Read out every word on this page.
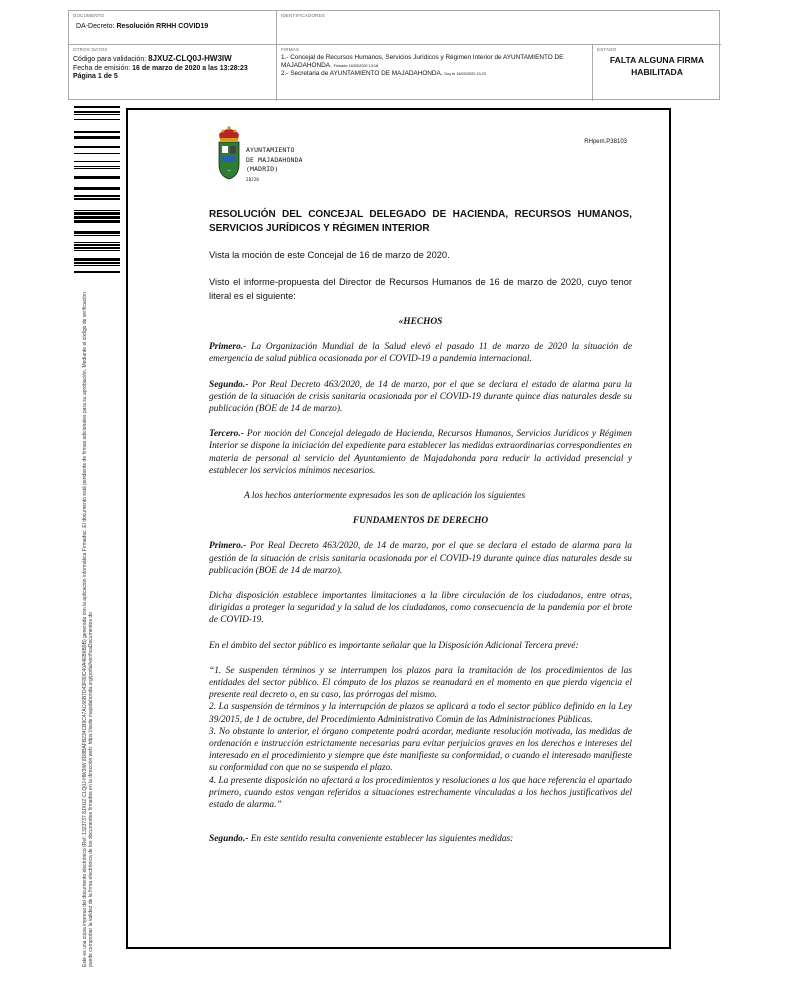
DOCUMENTO
DA-Decreto: Resolución RRHH COVID19
IDENTIFICADORES
OTROS DATOS
Código para validación: 8JXUZ-CLQ0J-HW3IW
Fecha de emisión: 16 de marzo de 2020 a las 13:28:23
Página 1 de 5
FIRMAS
1.- Concejal de Recursos Humanos, Servicios Jurídicos y Régimen Interior de AYUNTAMIENTO DE MAJADAHONDA. Firmado 16/03/2020 13:18
2.- Secretaria de AYUNTAMIENTO DE MAJADAHONDA. Doy fe 16/03/2020 13:23
ESTADO
FALTA ALGUNA FIRMA HABILITADA
Este es una copia impresa del documento electrónico (Ref: 1323737 8JXUZ-CLQ0J-HW3IW 8D8BAFB234CB9C47AC66B7D43F80C40A4EB6B9B) generada con la aplicación informática Firmadoc. El documento está pendiente de firmas adicionales para su aprobación. Mediante el código de verificación puede comprobar la validez de la firma electrónica de los documentos firmados en la dirección web: https://sede.majadahonda.org/portal/verificaDocumentos.do
~
AYUNTAMIENTO
DE MAJADAHONDA
(MADRID)
28220
RHpem.P38103

RESOLUCIÓN DEL CONCEJAL DELEGADO DE HACIENDA, RECURSOS HUMANOS, SERVICIOS JURÍDICOS Y RÉGIMEN INTERIOR

Vista la moción de este Concejal de 16 de marzo de 2020.

Visto el informe-propuesta del Director de Recursos Humanos de 16 de marzo de 2020, cuyo tenor literal es el siguiente:

«HECHOS

Primero.- La Organización Mundial de la Salud elevó el pasado 11 de marzo de 2020 la situación de emergencia de salud pública ocasionada por el COVID-19 a pandemia internacional.

Segundo.- Por Real Decreto 463/2020, de 14 de marzo, por el que se declara el estado de alarma para la gestión de la situación de crisis sanitaria ocasionada por el COVID-19 durante quince días naturales desde su publicación (BOE de 14 de marzo).

Tercero.- Por moción del Concejal delegado de Hacienda, Recursos Humanos, Servicios Jurídicos y Régimen Interior se dispone la iniciación del expediente para establecer las medidas extraordinarias correspondientes en materia de personal al servicio del Ayuntamiento de Majadahonda para reducir la actividad presencial y establecer los servicios mínimos necesarios.

A los hechos anteriormente expresados les son de aplicación los siguientes

FUNDAMENTOS DE DERECHO

Primero.- Por Real Decreto 463/2020, de 14 de marzo, por el que se declara el estado de alarma para la gestión de la situación de crisis sanitaria ocasionada por el COVID-19 durante quince días naturales desde su publicación (BOE de 14 de marzo).

Dicha disposición establece importantes limitaciones a la libre circulación de los ciudadanos, entre otras, dirigidas a proteger la seguridad y la salud de los ciudadanos, como consecuencia de la pandemia por el brote de COVID-19.

En el ámbito del sector público es importante señalar que la Disposición Adicional Tercera prevé:

“1. Se suspenden términos y se interrumpen los plazos para la tramitación de los procedimientos de las entidades del sector público. El cómputo de los plazos se reanudará en el momento en que pierda vigencia el presente real decreto o, en su caso, las prórrogas del mismo.

2. La suspensión de términos y la interrupción de plazos se aplicará a todo el sector público definido en la Ley 39/2015, de 1 de octubre, del Procedimiento Administrativo Común de las Administraciones Públicas.

3. No obstante lo anterior, el órgano competente podrá acordar, mediante resolución motivada, las medidas de ordenación e instrucción estrictamente necesarias para evitar perjuicios graves en los derechos e intereses del interesado en el procedimiento y siempre que éste manifieste su conformidad, o cuando el interesado manifieste su conformidad con que no se suspenda el plazo.

4. La presente disposición no afectará a los procedimientos y resoluciones a los que hace referencia el apartado primero, cuando estos vengan referidos a situaciones estrechamente vinculadas a los hechos justificativos del estado de alarma.”

Segundo.- En este sentido resulta conveniente establecer las siguientes medidas:
